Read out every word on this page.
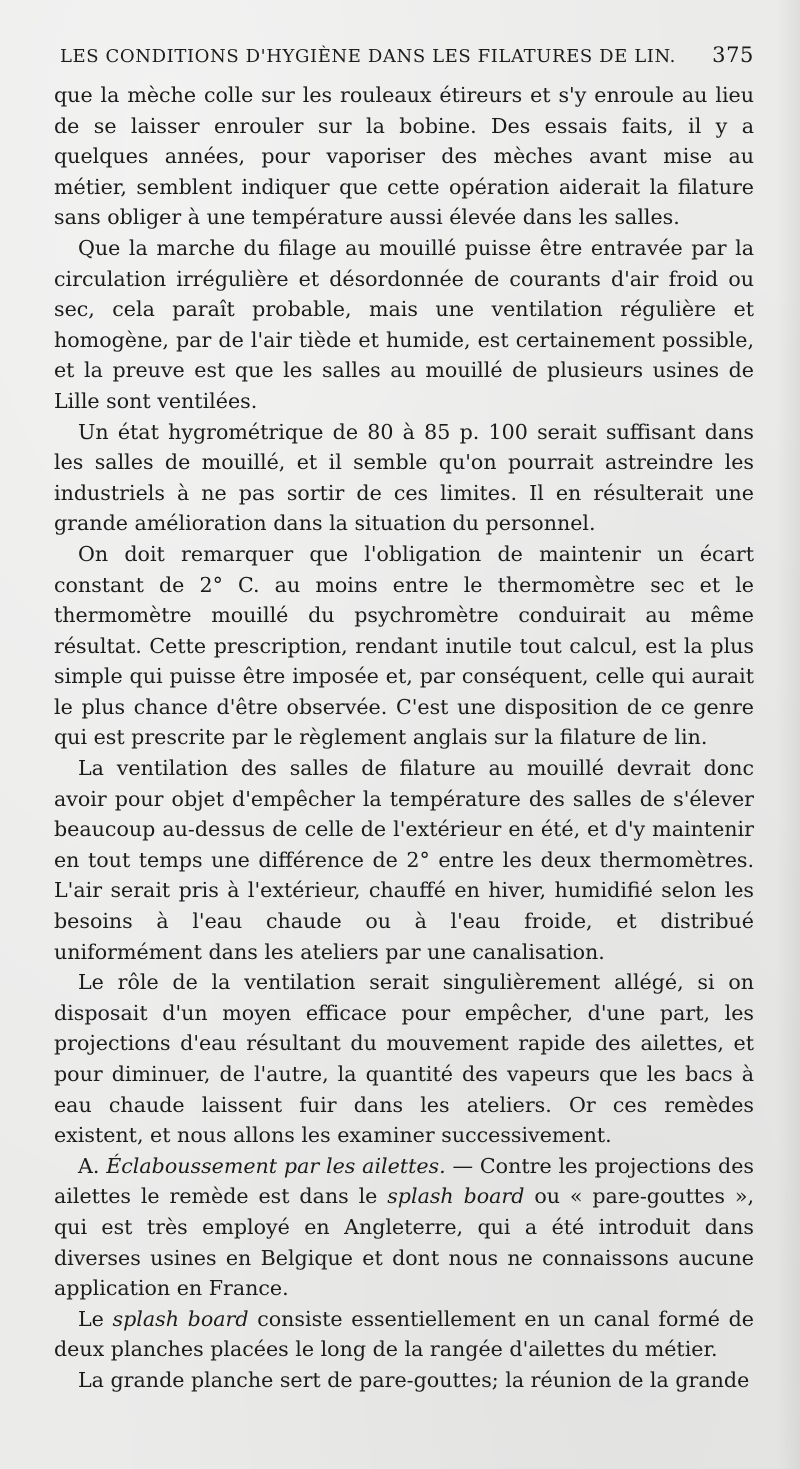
LES CONDITIONS D'HYGIÈNE DANS LES FILATURES DE LIN. 375

que la mèche colle sur les rouleaux étireurs et s'y enroule au lieu de se laisser enrouler sur la bobine. Des essais faits, il y a quelques années, pour vaporiser des mèches avant mise au métier, semblent indiquer que cette opération aiderait la filature sans obliger à une température aussi élevée dans les salles.

Que la marche du filage au mouillé puisse être entravée par la circulation irrégulière et désordonnée de courants d'air froid ou sec, cela paraît probable, mais une ventilation régulière et homogène, par de l'air tiède et humide, est certainement possible, et la preuve est que les salles au mouillé de plusieurs usines de Lille sont ventilées.

Un état hygrométrique de 80 à 85 p. 100 serait suffisant dans les salles de mouillé, et il semble qu'on pourrait astreindre les industriels à ne pas sortir de ces limites. Il en résulterait une grande amélioration dans la situation du personnel.

On doit remarquer que l'obligation de maintenir un écart constant de 2° C. au moins entre le thermomètre sec et le thermomètre mouillé du psychromètre conduirait au même résultat. Cette prescription, rendant inutile tout calcul, est la plus simple qui puisse être imposée et, par conséquent, celle qui aurait le plus chance d'être observée. C'est une disposition de ce genre qui est prescrite par le règlement anglais sur la filature de lin.

La ventilation des salles de filature au mouillé devrait donc avoir pour objet d'empêcher la température des salles de s'élever beaucoup au-dessus de celle de l'extérieur en été, et d'y maintenir en tout temps une différence de 2° entre les deux thermomètres. L'air serait pris à l'extérieur, chauffé en hiver, humidifié selon les besoins à l'eau chaude ou à l'eau froide, et distribué uniformément dans les ateliers par une canalisation.

Le rôle de la ventilation serait singulièrement allégé, si on disposait d'un moyen efficace pour empêcher, d'une part, les projections d'eau résultant du mouvement rapide des ailettes, et pour diminuer, de l'autre, la quantité des vapeurs que les bacs à eau chaude laissent fuir dans les ateliers. Or ces remèdes existent, et nous allons les examiner successivement.

A. Éclaboussement par les ailettes. — Contre les projections des ailettes le remède est dans le splash board ou « pare-gouttes », qui est très employé en Angleterre, qui a été introduit dans diverses usines en Belgique et dont nous ne connaissons aucune application en France.

Le splash board consiste essentiellement en un canal formé de deux planches placées le long de la rangée d'ailettes du métier.

La grande planche sert de pare-gouttes; la réunion de la grande
